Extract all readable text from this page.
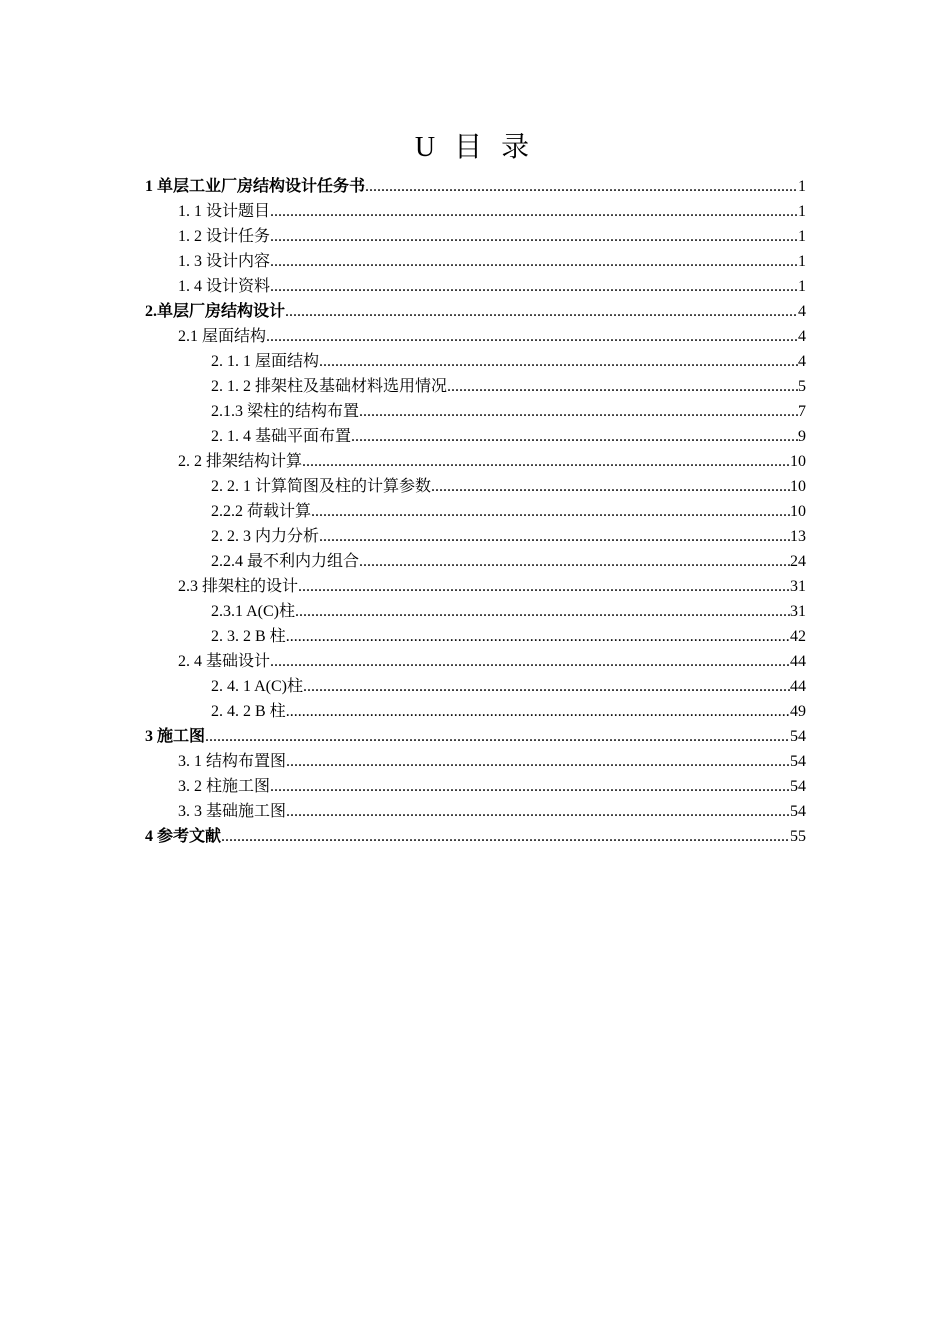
U 目 录
1 单层工业厂房结构设计任务书 .....	1
1. 1 设计题目 .....	1
1. 2 设计任务 .....	1
1. 3 设计内容 .....	1
1. 4 设计资料 .....	1
2.单层厂房结构设计 .....	4
2.1 屋面结构 .....	4
2. 1. 1 屋面结构 .....	4
2. 1. 2 排架柱及基础材料选用情况 .....	5
2.1.3 梁柱的结构布置 .....	7
2. 1. 4 基础平面布置 .....	9
2. 2 排架结构计算 .....	10
2. 2. 1 计算简图及柱的计算参数 .....	10
2.2.2 荷载计算 .....	10
2. 2. 3 内力分析 .....	13
2.2.4 最不利内力组合 .....	24
2.3 排架柱的设计 .....	31
2.3.1 A(C)柱 .....	31
2. 3. 2 B 柱 .....	42
2. 4 基础设计 .....	44
2. 4. 1 A(C)柱 .....	44
2. 4. 2 B 柱 .....	49
3 施工图 .....	54
3. 1 结构布置图 .....	54
3. 2 柱施工图 .....	54
3. 3 基础施工图 .....	54
4 参考文献 .....	55
